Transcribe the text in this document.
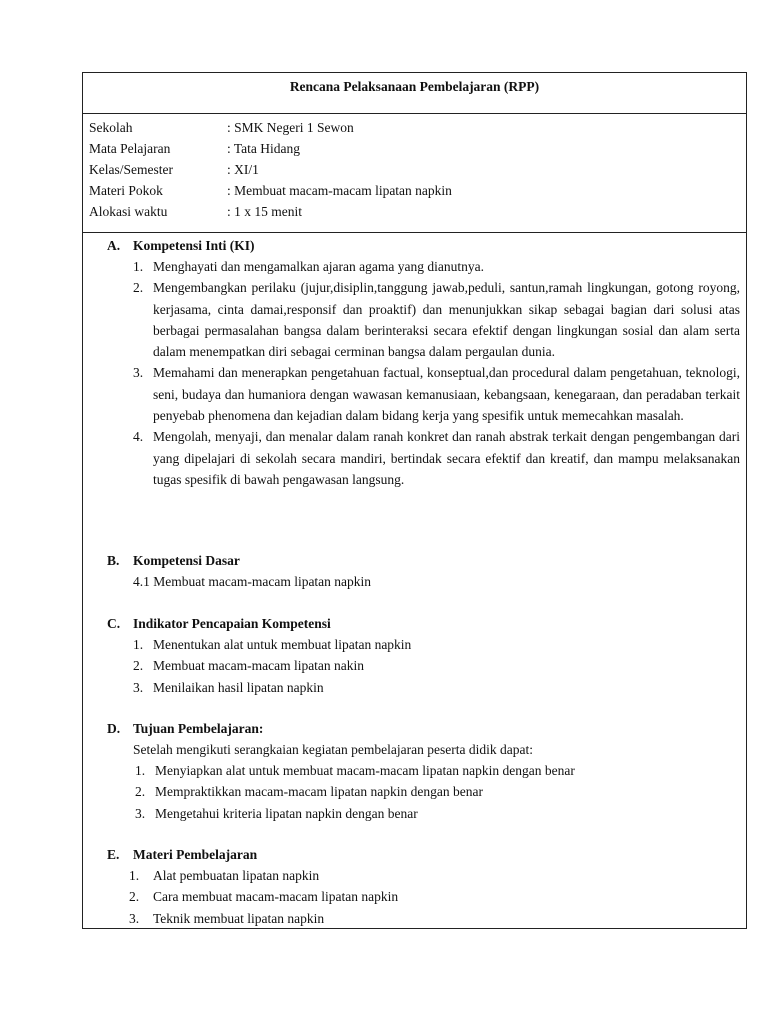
Rencana Pelaksanaan Pembelajaran (RPP)
Sekolah	: SMK Negeri 1 Sewon
Mata Pelajaran	: Tata Hidang
Kelas/Semester	: XI/1
Materi Pokok	: Membuat macam-macam lipatan napkin
Alokasi waktu	: 1 x 15 menit
A. Kompetensi Inti (KI)
1. Menghayati dan mengamalkan ajaran agama yang dianutnya.
2. Mengembangkan perilaku (jujur,disiplin,tanggung jawab,peduli, santun,ramah lingkungan, gotong royong, kerjasama, cinta damai,responsif dan proaktif) dan menunjukkan sikap sebagai bagian dari solusi atas berbagai permasalahan bangsa dalam berinteraksi secara efektif dengan lingkungan sosial dan alam serta dalam menempatkan diri sebagai cerminan bangsa dalam pergaulan dunia.
3. Memahami dan menerapkan pengetahuan factual, konseptual,dan procedural dalam pengetahuan, teknologi, seni, budaya dan humaniora dengan wawasan kemanusiaan, kebangsaan, kenegaraan, dan peradaban terkait penyebab phenomena dan kejadian dalam bidang kerja yang spesifik untuk memecahkan masalah.
4. Mengolah, menyaji, dan menalar dalam ranah konkret dan ranah abstrak terkait dengan pengembangan dari yang dipelajari di sekolah secara mandiri, bertindak secara efektif dan kreatif, dan mampu melaksanakan tugas spesifik di bawah pengawasan langsung.
B.	Kompetensi Dasar
4.1 Membuat macam-macam lipatan napkin
C. Indikator Pencapaian Kompetensi
1. Menentukan alat untuk membuat lipatan napkin
2. Membuat macam-macam lipatan nakin
3. Menilaikan hasil lipatan napkin
D. Tujuan Pembelajaran:
Setelah mengikuti serangkaian kegiatan pembelajaran peserta didik dapat:
1. Menyiapkan alat untuk membuat macam-macam lipatan napkin dengan benar
2. Mempraktikkan macam-macam lipatan napkin dengan benar
3. Mengetahui kriteria lipatan napkin dengan benar
E.	Materi Pembelajaran
1.	Alat pembuatan lipatan napkin
2.	Cara membuat macam-macam lipatan napkin
3.	Teknik membuat lipatan napkin
